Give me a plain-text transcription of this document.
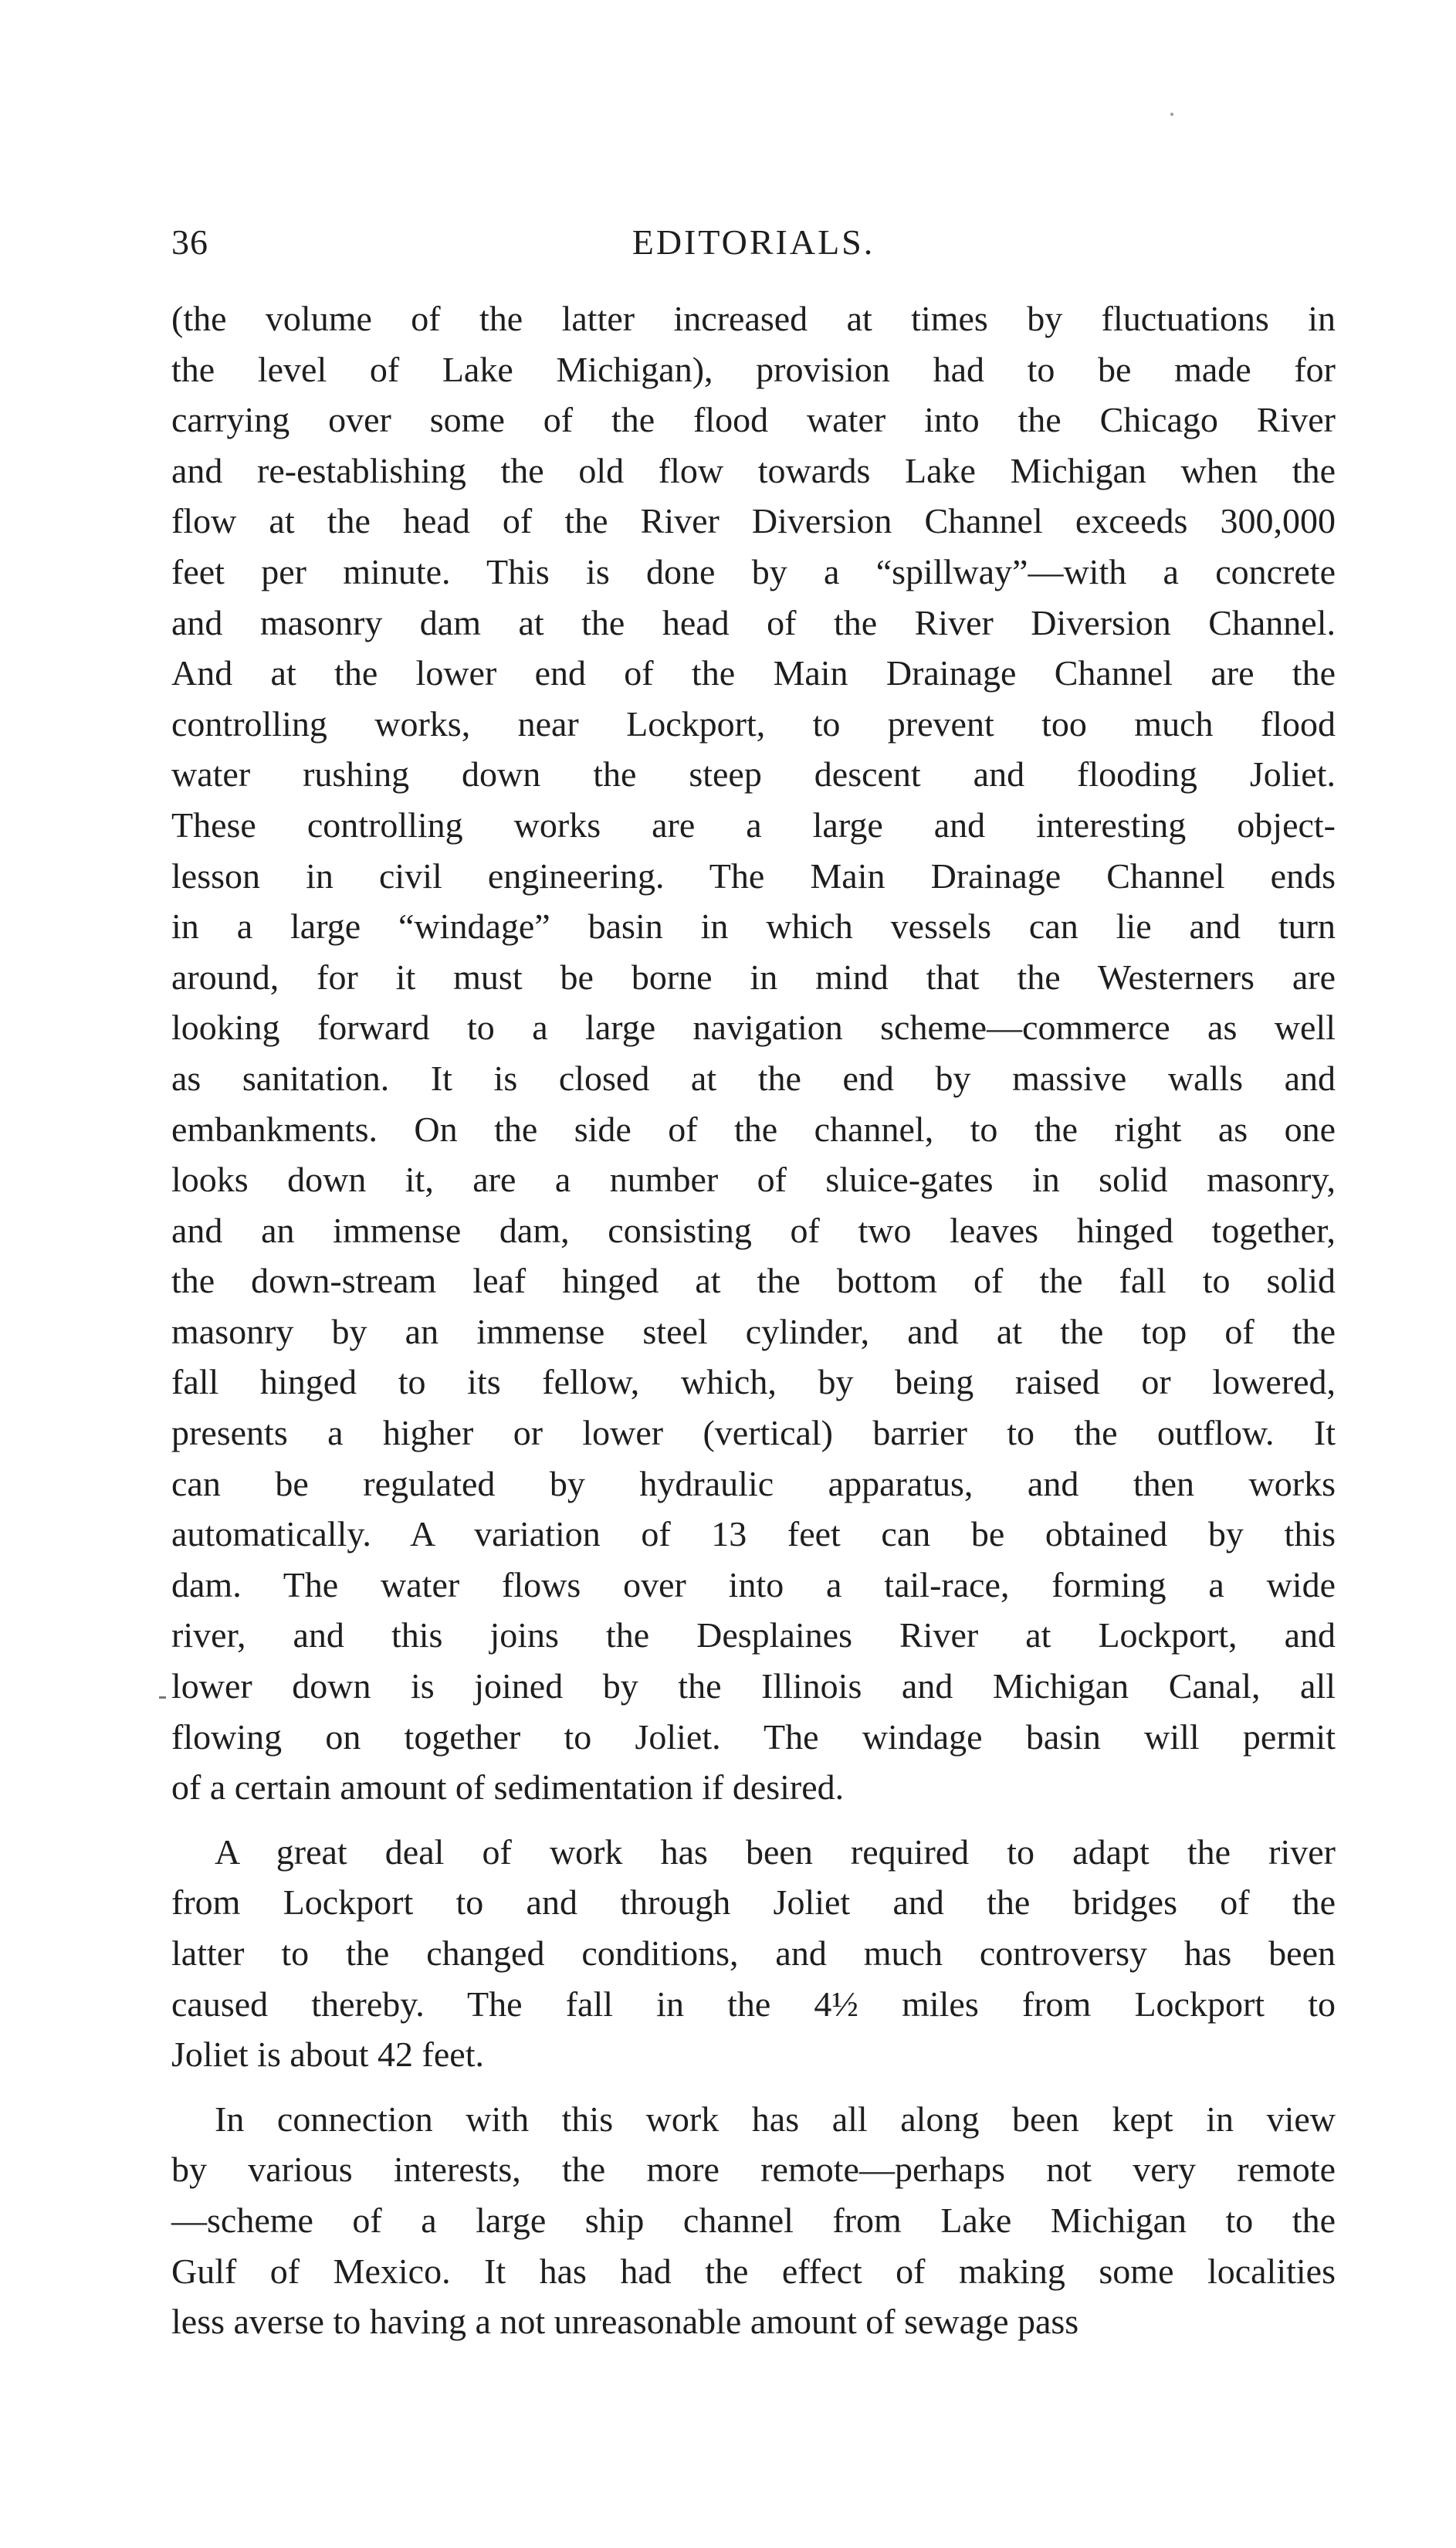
36	EDITORIALS.
(the volume of the latter increased at times by fluctuations in
the level of Lake Michigan), provision had to be made for
carrying over some of the flood water into the Chicago River
and re-establishing the old flow towards Lake Michigan when the
flow at the head of the River Diversion Channel exceeds 300,000
feet per minute. This is done by a “spillway”—with a concrete
and masonry dam at the head of the River Diversion Channel.
And at the lower end of the Main Drainage Channel are the
controlling works, near Lockport, to prevent too much flood
water rushing down the steep descent and flooding Joliet.
These controlling works are a large and interesting object-
lesson in civil engineering. The Main Drainage Channel ends
in a large “windage” basin in which vessels can lie and turn
around, for it must be borne in mind that the Westerners are
looking forward to a large navigation scheme—commerce as well
as sanitation. It is closed at the end by massive walls and
embankments. On the side of the channel, to the right as one
looks down it, are a number of sluice-gates in solid masonry,
and an immense dam, consisting of two leaves hinged together,
the down-stream leaf hinged at the bottom of the fall to solid
masonry by an immense steel cylinder, and at the top of the
fall hinged to its fellow, which, by being raised or lowered,
presents a higher or lower (vertical) barrier to the outflow. It
can be regulated by hydraulic apparatus, and then works
automatically. A variation of 13 feet can be obtained by this
dam. The water flows over into a tail-race, forming a wide
river, and this joins the Desplaines River at Lockport, and
lower down is joined by the Illinois and Michigan Canal, all
flowing on together to Joliet. The windage basin will permit
of a certain amount of sedimentation if desired.
A great deal of work has been required to adapt the river
from Lockport to and through Joliet and the bridges of the
latter to the changed conditions, and much controversy has been
caused thereby. The fall in the 4½ miles from Lockport to
Joliet is about 42 feet.
In connection with this work has all along been kept in view
by various interests, the more remote—perhaps not very remote
—scheme of a large ship channel from Lake Michigan to the
Gulf of Mexico. It has had the effect of making some localities
less averse to having a not unreasonable amount of sewage pass
